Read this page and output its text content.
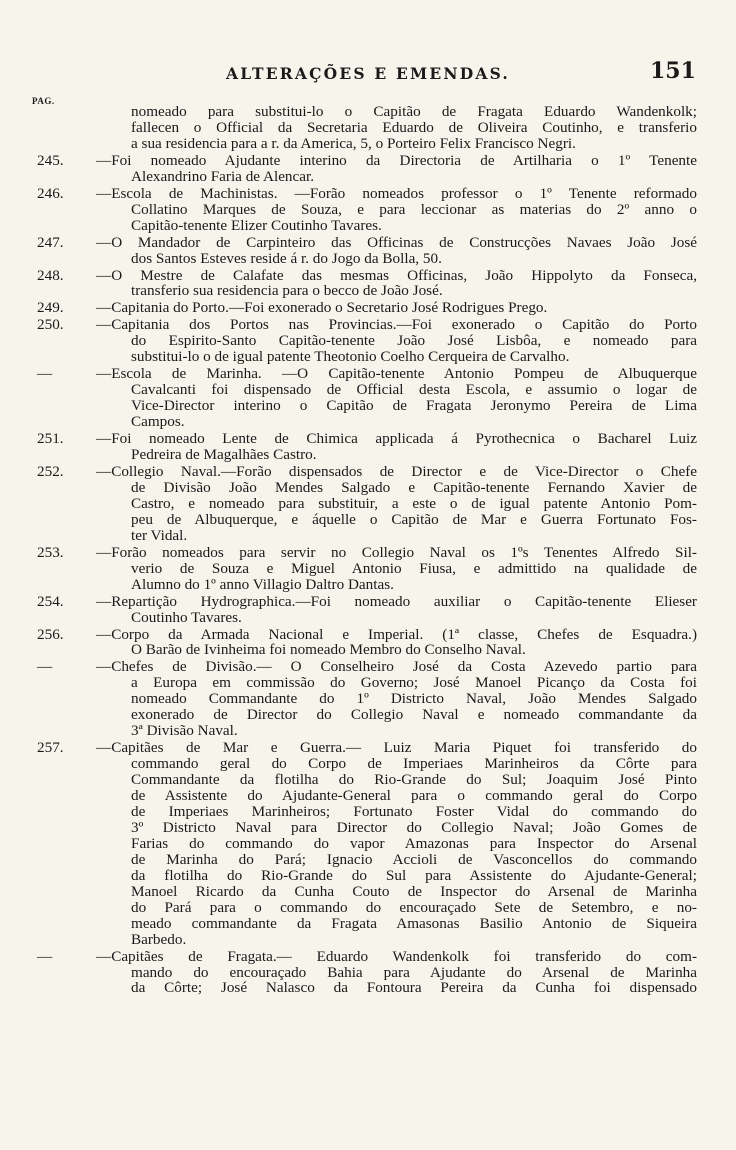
ALTERAÇÕES E EMENDAS.	151
PAG.
nomeado para substitui-lo o Capitão de Fragata Eduardo Wandenkolk;
fallecen o Official da Secretaria Eduardo de Oliveira Coutinho, e transferio
a sua residencia para a r. da America, 5, o Porteiro Felix Francisco Negri.
245.	—Foi nomeado Ajudante interino da Directoria de Artilharia o 1º Tenente
Alexandrino Faria de Alencar.
246.	—Escola de Machinistas. —Forão nomeados professor o 1º Tenente reformado
Collatino Marques de Souza, e para leccionar as materias do 2º anno o
Capitão-tenente Elizer Coutinho Tavares.
247.	—O Mandador de Carpinteiro das Officinas de Construcções Navaes João José
dos Santos Esteves reside á r. do Jogo da Bolla, 50.
248.	—O Mestre de Calafate das mesmas Officinas, João Hippolyto da Fonseca,
transferio sua residencia para o becco de João José.
249.	—Capitania do Porto.—Foi exonerado o Secretario José Rodrigues Prego.
250.	—Capitania dos Portos nas Provincias.—Foi exonerado o Capitão do Porto
do Espirito-Santo Capitão-tenente João José Lisbôa, e nomeado para
substitui-lo o de igual patente Theotonio Coelho Cerqueira de Carvalho.
—	—Escola de Marinha. —O Capitão-tenente Antonio Pompeu de Albuquerque
Cavalcanti foi dispensado de Official desta Escola, e assumio o logar de
Vice-Director interino o Capitão de Fragata Jeronymo Pereira de Lima
Campos.
251.	—Foi nomeado Lente de Chimica applicada á Pyrothecnica o Bacharel Luiz
Pedreira de Magalhães Castro.
252.	—Collegio Naval.—Forão dispensados de Director e de Vice-Director o Chefe
de Divisão João Mendes Salgado e Capitão-tenente Fernando Xavier de
Castro, e nomeado para substituir, a este o de igual patente Antonio Pom-
peu de Albuquerque, e áquelle o Capitão de Mar e Guerra Fortunato Fos-
ter Vidal.
253.	—Forão nomeados para servir no Collegio Naval os 1ºs Tenentes Alfredo Sil-
verio de Souza e Miguel Antonio Fiusa, e admittido na qualidade de
Alumno do 1º anno Villagio Daltro Dantas.
254.	—Repartição Hydrographica.—Foi nomeado auxiliar o Capitão-tenente Elieser
Coutinho Tavares.
256.	—Corpo da Armada Nacional e Imperial. (1ª classe, Chefes de Esquadra.)
O Barão de Ivinheima foi nomeado Membro do Conselho Naval.
—	—Chefes de Divisão.— O Conselheiro José da Costa Azevedo partio para
a Europa em commissão do Governo; José Manoel Picanço da Costa foi
nomeado Commandante do 1º Districto Naval, João Mendes Salgado
exonerado de Director do Collegio Naval e nomeado commandante da
3ª Divisão Naval.
257.	—Capitães de Mar e Guerra.— Luiz Maria Piquet foi transferido do
commando geral do Corpo de Imperiaes Marinheiros da Côrte para
Commandante da flotilha do Rio-Grande do Sul; Joaquim José Pinto
de Assistente do Ajudante-General para o commando geral do Corpo
de Imperiaes Marinheiros; Fortunato Foster Vidal do commando do
3º Districto Naval para Director do Collegio Naval; João Gomes de
Farias do commando do vapor Amazonas para Inspector do Arsenal
de Marinha do Pará; Ignacio Accioli de Vasconcellos do commando
da flotilha do Rio-Grande do Sul para Assistente do Ajudante-General;
Manoel Ricardo da Cunha Couto de Inspector do Arsenal de Marinha
do Pará para o commando do encouraçado Sete de Setembro, e no-
meado commandante da Fragata Amasonas Basilio Antonio de Siqueira
Barbedo.
—	—Capitães de Fragata.— Eduardo Wandenkolk foi transferido do com-
mando do encouraçado Bahia para Ajudante do Arsenal de Marinha
da Côrte; José Nalasco da Fontoura Pereira da Cunha foi dispensado
